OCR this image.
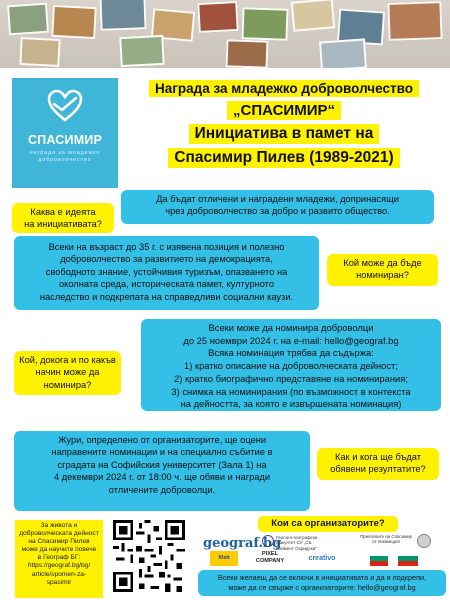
СПАСИМИР
награда за младежко доброволчество
Награда за младежко доброволчество
„СПАСИМИР“
Инициатива в памет на
Спасимир Пилев (1989-2021)
Каква е идеята
на инициативата?
Да бъдат отличени и наградени младежи, допринасящи
чрез доброволчество за добро и развито общество.
Всеки на възраст до 35 г. с изявена позиция и полезно
доброволчество за развитието на демокрацията,
свободното знание, устойчивия туризъм, опазването на
околната среда, историческата памет, културното
наследство и подкрепата на справедливи социални каузи.
Кой може да бъде
номиниран?
Кой, докога и по какъв
начин може да
номинира?
Всеки може да номинира доброволци
до 25 ноември 2024 г. на e-mail: hello@geograf.bg
Всяка номинация трябва да съдържа:
1) кратко описание на доброволческата дейност;
2) кратко биографично представяне на номинирания;
3) снимка на номинирания (по възможност в контекста
на дейността, за която е извършената номинация)
Жури, определено от организаторите, ще оцени
направените номинации и на специално събитие в
сградата на Софийския университет (Зала 1) на
4 декември 2024 г. от 18:00 ч. ще обяви и награди
отличените доброволци.
Как и кога ще бъдат
обявени резултатите?
За живота и
доброволческата дейност
на Спасимир Пилев
може да научите повече
в Географ БГ:
https://geograf.bg/bg/
article/spomen-za-
spasimir
Кои са организаторите?
geograf.bg
Геолого-географски факултет СУ „Св. Климент Охридски“
Приятелите на Спасимир от Уикимедия
Klett
PIXEL COMPANY	creativo
Всеки желаещ да се включи в инициативата и да я подкрепи,
може да се свърже с организаторите: hello@geograf.bg
